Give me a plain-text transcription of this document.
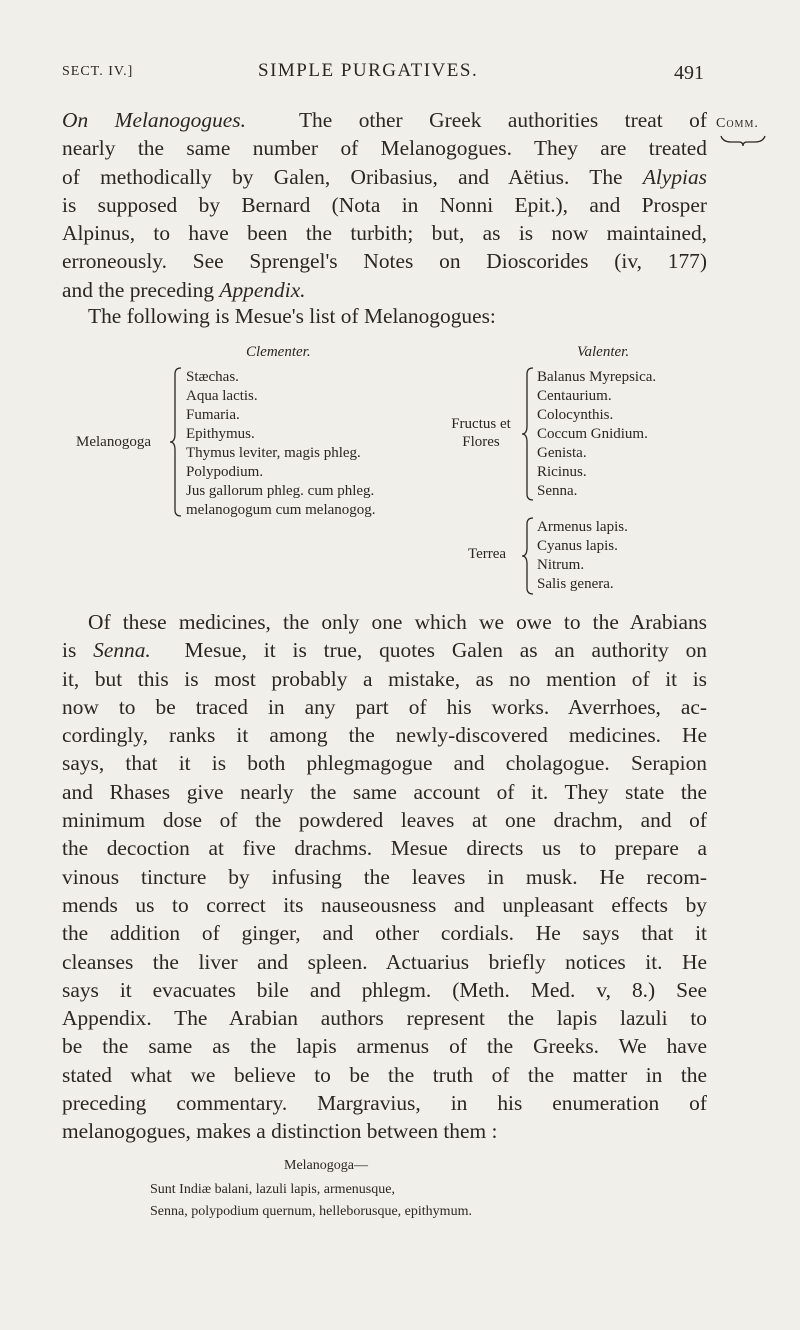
SECT. IV.]	SIMPLE PURGATIVES.	491
Comm.
On Melanogogues. The other Greek authorities treat of
nearly the same number of Melanogogues. They are treated
of methodically by Galen, Oribasius, and Aëtius. The Alypias
is supposed by Bernard (Nota in Nonni Epit.), and Prosper
Alpinus, to have been the turbith; but, as is now maintained,
erroneously. See Sprengel's Notes on Dioscorides (iv, 177)
and the preceding Appendix.
The following is Mesue's list of Melanogogues:
Clementer.
Melanogoga
Stæchas.
Aqua lactis.
Fumaria.
Epithymus.
Thymus leviter, magis phleg.
Polypodium.
Jus gallorum phleg. cum phleg.
melanogogum cum melanogog.
Valenter.
Fructus et
Flores
Balanus Myrepsica.
Centaurium.
Colocynthis.
Coccum Gnidium.
Genista.
Ricinus.
Senna.
Terrea
Armenus lapis.
Cyanus lapis.
Nitrum.
Salis genera.
Of these medicines, the only one which we owe to the Arabians
is Senna. Mesue, it is true, quotes Galen as an authority on
it, but this is most probably a mistake, as no mention of it is
now to be traced in any part of his works. Averrhoes, ac-
cordingly, ranks it among the newly-discovered medicines. He
says, that it is both phlegmagogue and cholagogue. Serapion
and Rhases give nearly the same account of it. They state the
minimum dose of the powdered leaves at one drachm, and of
the decoction at five drachms. Mesue directs us to prepare a
vinous tincture by infusing the leaves in musk. He recom-
mends us to correct its nauseousness and unpleasant effects by
the addition of ginger, and other cordials. He says that it
cleanses the liver and spleen. Actuarius briefly notices it. He
says it evacuates bile and phlegm. (Meth. Med. v, 8.) See
Appendix. The Arabian authors represent the lapis lazuli to
be the same as the lapis armenus of the Greeks. We have
stated what we believe to be the truth of the matter in the
preceding commentary. Margravius, in his enumeration of
melanogogues, makes a distinction between them :
Melanogoga—
Sunt Indiæ balani, lazuli lapis, armenusque,
Senna, polypodium quernum, helleborusque, epithymum.
